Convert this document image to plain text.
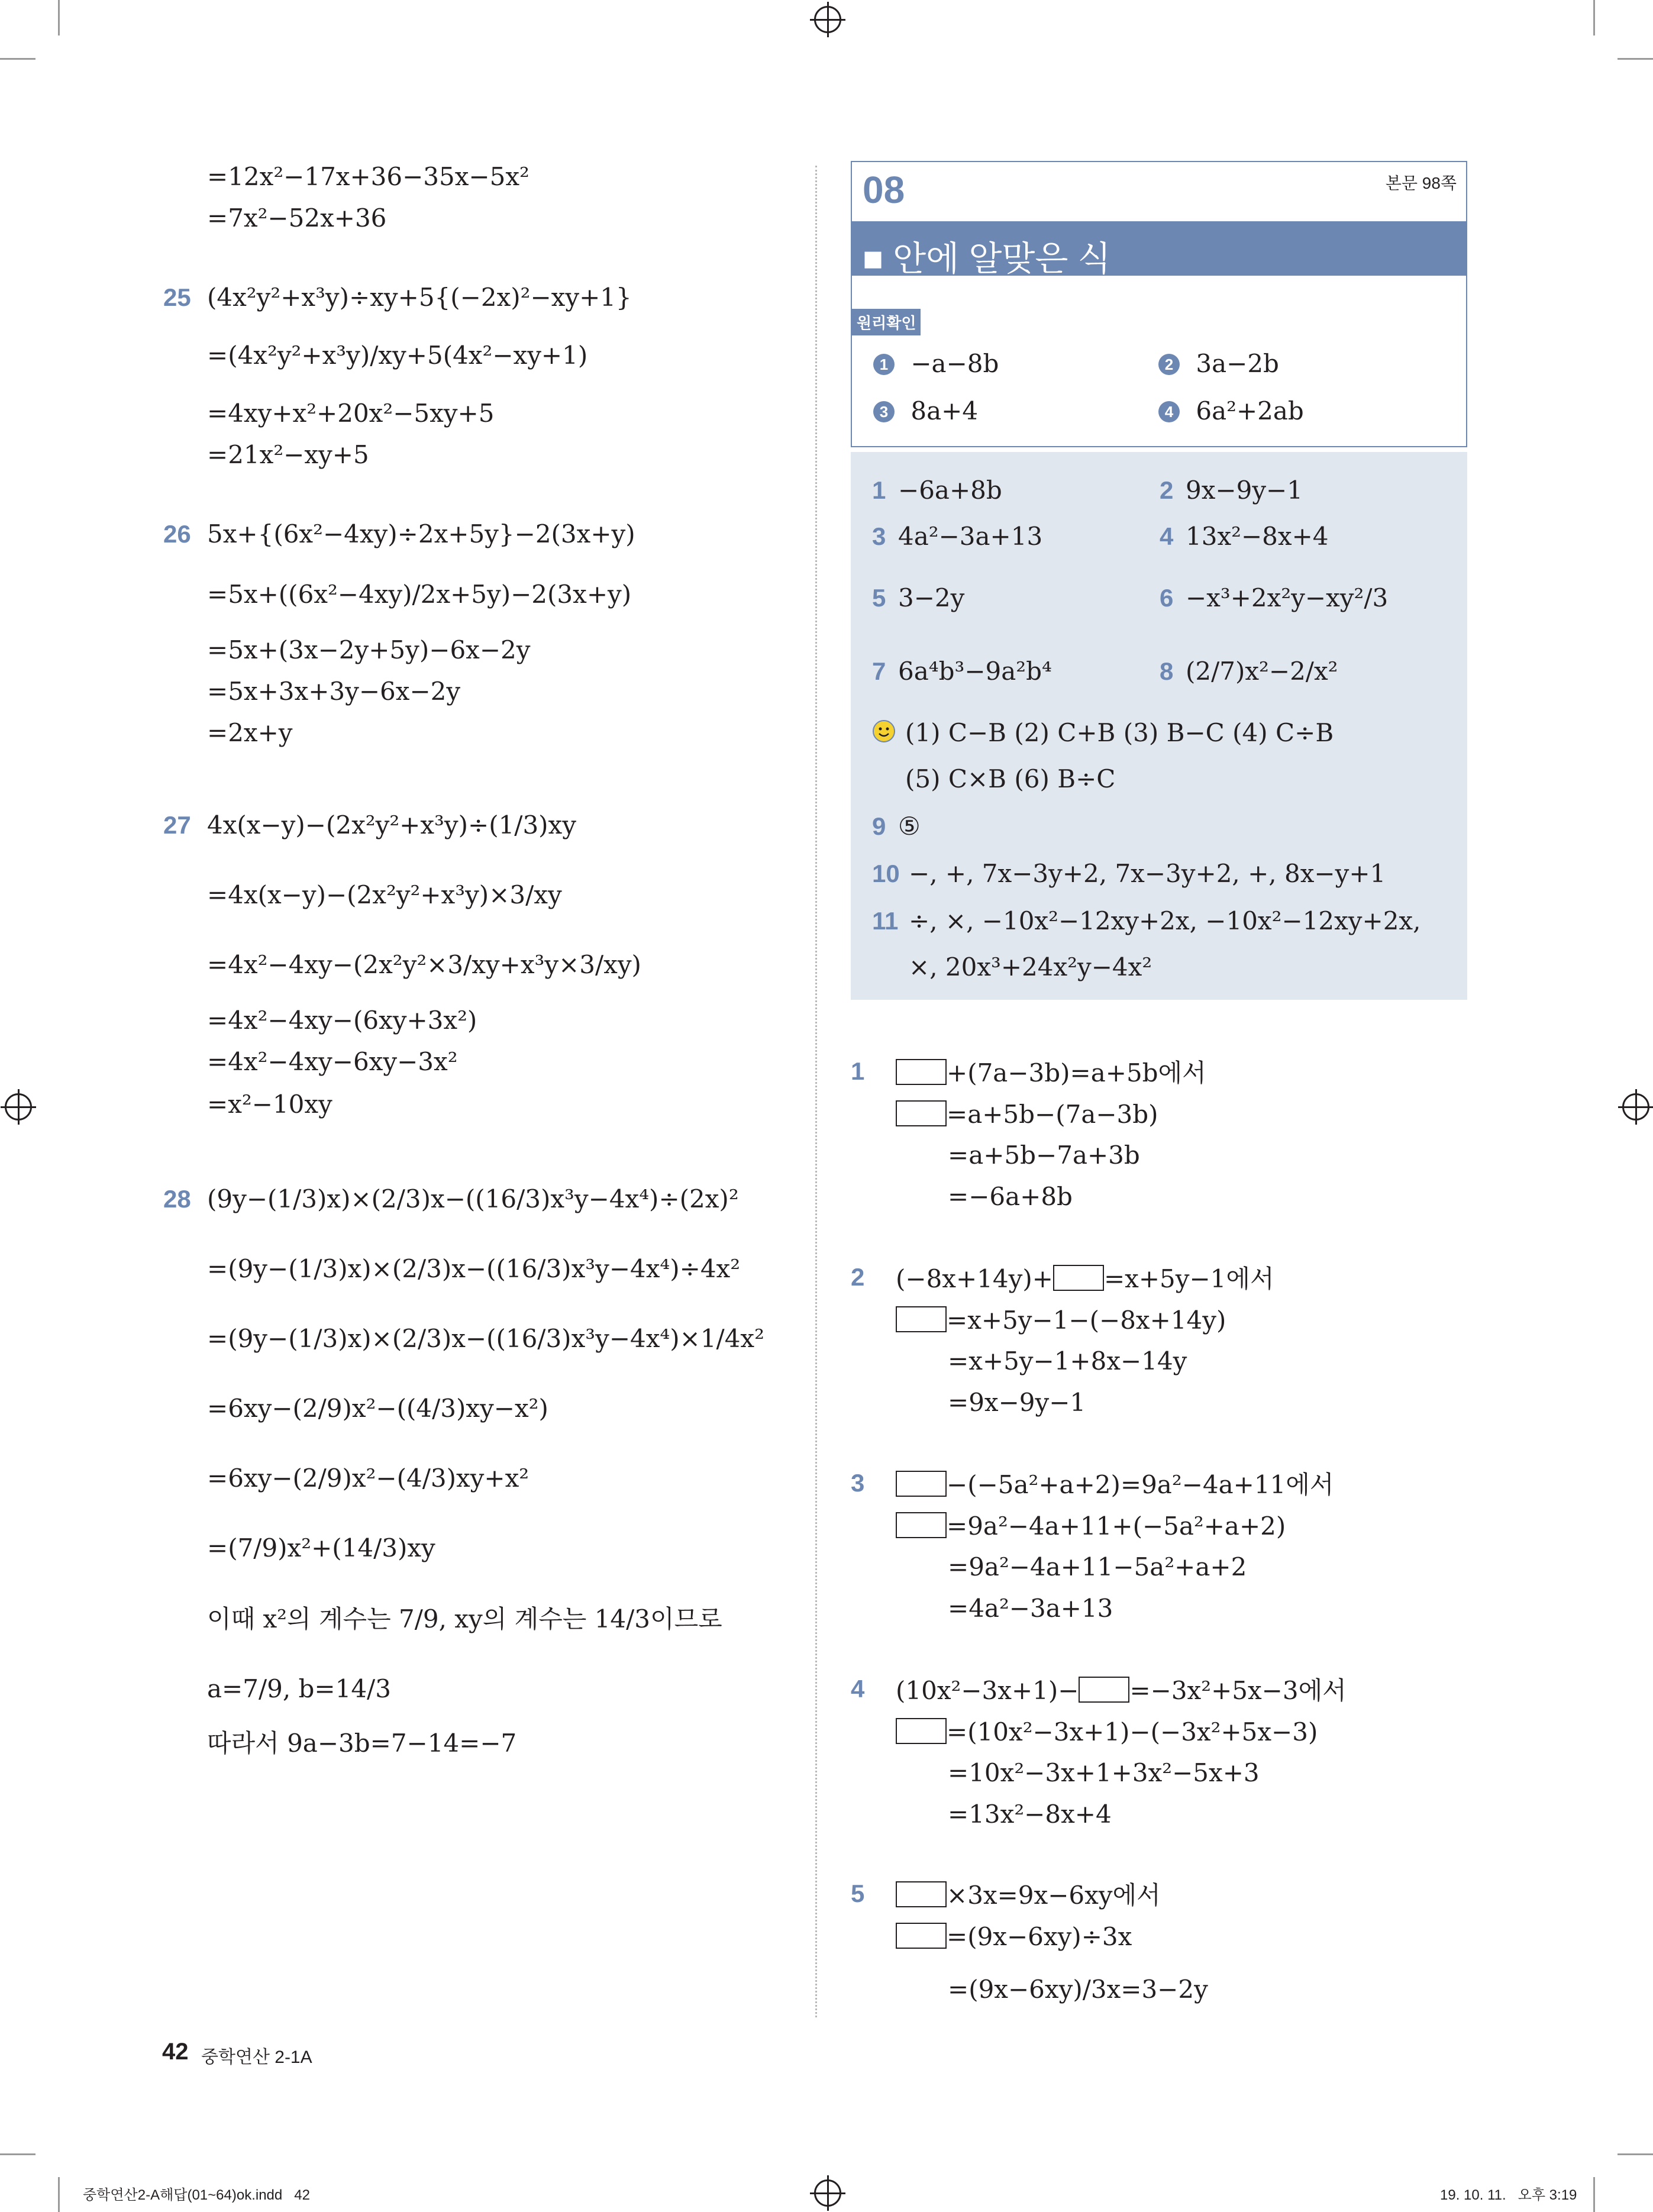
=12x²−17x+36−35x−5x²
=7x²−52x+36
25 (4x²y²+x³y)÷xy+5{(−2x)²−xy+1}
=(4x²y²+x³y)/xy+5(4x²−xy+1)
=4xy+x²+20x²−5xy+5
=21x²−xy+5
26 5x+{(6x²−4xy)÷2x+5y}−2(3x+y)
=5x+((6x²−4xy)/2x+5y)−2(3x+y)
=5x+(3x−2y+5y)−6x−2y
=5x+3x+3y−6x−2y
=2x+y
27 4x(x−y)−(2x²y²+x³y)÷(1/3)xy
=4x(x−y)−(2x²y²+x³y)×3/xy
=4x²−4xy−(2x²y²×3/xy+x³y×3/xy)
=4x²−4xy−(6xy+3x²)
=4x²−4xy−6xy−3x²
=x²−10xy
28 (9y−(1/3)x)×(2/3)x−((16/3)x³y−4x⁴)÷(2x)²
=(9y−(1/3)x)×(2/3)x−((16/3)x³y−4x⁴)÷4x²
=(9y−(1/3)x)×(2/3)x−((16/3)x³y−4x⁴)×1/4x²
=6xy−(2/9)x²−((4/3)xy−x²)
=6xy−(2/9)x²−(4/3)xy+x²
=(7/9)x²+(14/3)xy
이때 x²의 계수는 7/9, xy의 계수는 14/3이므로
a=7/9, b=14/3
따라서 9a−3b=7−14=−7
08	본문 98쪽
■ 안에 알맞은 식
원리확인
1 −a−8b	2 3a−2b
3 8a+4	4 6a²+2ab
1 −6a+8b	2 9x−9y−1
3 4a²−3a+13	4 13x²−8x+4
5 3−2y	6 −x³+2x²y−xy²/3
7 6a⁴b³−9a²b⁴	8 (2/7)x²−2/x²
(1) C−B (2) C+B (3) B−C (4) C÷B
(5) C×B (6) B÷C
9 ⑤
10 −, +, 7x−3y+2, 7x−3y+2, +, 8x−y+1
11 ÷, ×, −10x²−12xy+2x, −10x²−12xy+2x,
×, 20x³+24x²y−4x²
1	+(7a−3b)=a+5b에서
=a+5b−(7a−3b)
=a+5b−7a+3b
=−6a+8b
2 (−8x+14y)+ =x+5y−1에서
=x+5y−1−(−8x+14y)
=x+5y−1+8x−14y
=9x−9y−1
3	−(−5a²+a+2)=9a²−4a+11에서
=9a²−4a+11+(−5a²+a+2)
=9a²−4a+11−5a²+a+2
=4a²−3a+13
4 (10x²−3x+1)− =−3x²+5x−3에서
=(10x²−3x+1)−(−3x²+5x−3)
=10x²−3x+1+3x²−5x+3
=13x²−8x+4
5	×3x=9x−6xy에서
=(9x−6xy)÷3x
=(9x−6xy)/3x=3−2y
42 중학연산 2-1A
중학연산2-A해답(01~64)ok.indd   42	19. 10. 11.   오후 3:19
